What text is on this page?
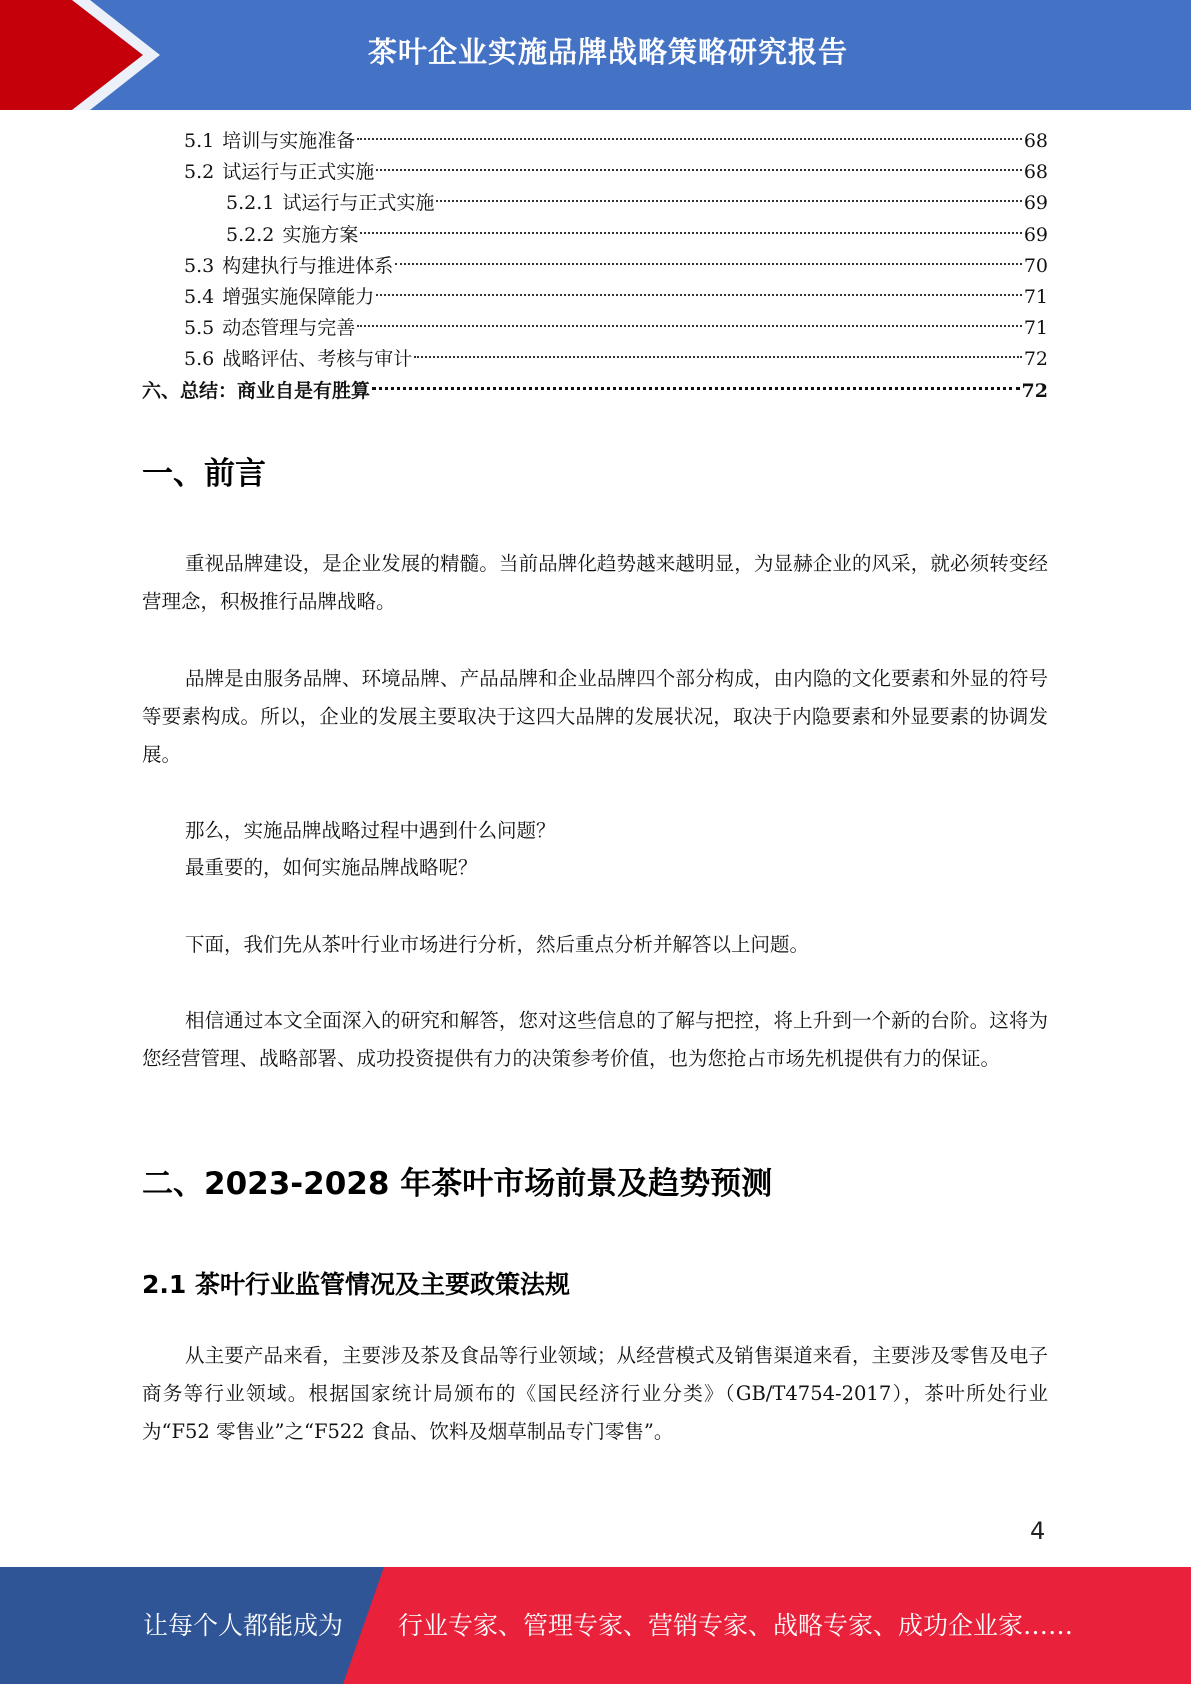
茶叶企业实施品牌战略策略研究报告
5.1 培训与实施准备	68
5.2 试运行与正式实施	68
5.2.1 试运行与正式实施	69
5.2.2 实施方案	69
5.3 构建执行与推进体系	70
5.4 增强实施保障能力	71
5.5 动态管理与完善	71
5.6 战略评估、考核与审计	72
六、总结：商业自是有胜算	72
一、前言
重视品牌建设，是企业发展的精髓。当前品牌化趋势越来越明显，为显赫企业的风采，就必须转变经营理念，积极推行品牌战略。
品牌是由服务品牌、环境品牌、产品品牌和企业品牌四个部分构成，由内隐的文化要素和外显的符号等要素构成。所以，企业的发展主要取决于这四大品牌的发展状况，取决于内隐要素和外显要素的协调发展。
那么，实施品牌战略过程中遇到什么问题？
最重要的，如何实施品牌战略呢？
下面，我们先从茶叶行业市场进行分析，然后重点分析并解答以上问题。
相信通过本文全面深入的研究和解答，您对这些信息的了解与把控，将上升到一个新的台阶。这将为您经营管理、战略部署、成功投资提供有力的决策参考价值，也为您抢占市场先机提供有力的保证。
二、2023-2028 年茶叶市场前景及趋势预测
2.1 茶叶行业监管情况及主要政策法规
从主要产品来看，主要涉及茶及食品等行业领域；从经营模式及销售渠道来看，主要涉及零售及电子商务等行业领域。根据国家统计局颁布的《国民经济行业分类》（GB/T4754-2017），茶叶所处行业为“F52 零售业”之“F522 食品、饮料及烟草制品专门零售”。
4
让每个人都能成为 行业专家、管理专家、营销专家、战略专家、成功企业家……
